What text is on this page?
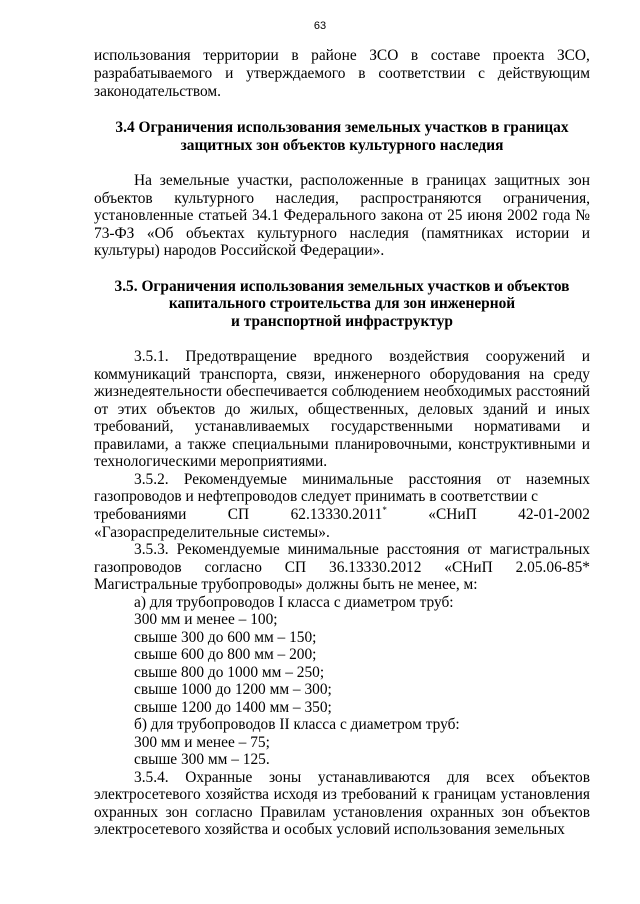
63
использования территории в районе ЗСО в составе проекта ЗСО,
разрабатываемого и утверждаемого в соответствии с действующим
законодательством.
3.4 Ограничения использования земельных участков в границах
защитных зон объектов культурного наследия

На земельные участки, расположенные в границах защитных зон объектов культурного наследия, распространяются ограничения, установленные статьей 34.1 Федерального закона от 25 июня 2002 года № 73-ФЗ «Об объектах культурного наследия (памятниках истории и культуры) народов Российской Федерации».

3.5. Ограничения использования земельных участков и объектов
капитального строительства для зон инженерной
и транспортной инфраструктур

3.5.1. Предотвращение вредного воздействия сооружений и коммуникаций транспорта, связи, инженерного оборудования на среду жизнедеятельности обеспечивается соблюдением необходимых расстояний от этих объектов до жилых, общественных, деловых зданий и иных требований, устанавливаемых государственными нормативами и правилами, а также специальными планировочными, конструктивными и технологическими мероприятиями.

3.5.2. Рекомендуемые минимальные расстояния от наземных газопроводов и нефтепроводов следует принимать в соответствии с

требованиями	СП	62.13330.2011*	«СНиП	42-01-2002

«Газораспределительные системы».

3.5.3. Рекомендуемые минимальные расстояния от магистральных газопроводов согласно СП 36.13330.2012 «СНиП 2.05.06-85* Магистральные трубопроводы» должны быть не менее, м:

а) для трубопроводов I класса с диаметром труб:

300 мм и менее – 100;

свыше 300 до 600 мм – 150;

свыше 600 до 800 мм – 200;

свыше 800 до 1000 мм – 250;

свыше 1000 до 1200 мм – 300;

свыше 1200 до 1400 мм – 350;

б) для трубопроводов II класса с диаметром труб:

300 мм и менее – 75;

свыше 300 мм – 125.

3.5.4. Охранные зоны устанавливаются для всех объектов электросетевого хозяйства исходя из требований к границам установления охранных зон согласно Правилам установления охранных зон объектов электросетевого хозяйства и особых условий использования земельных
